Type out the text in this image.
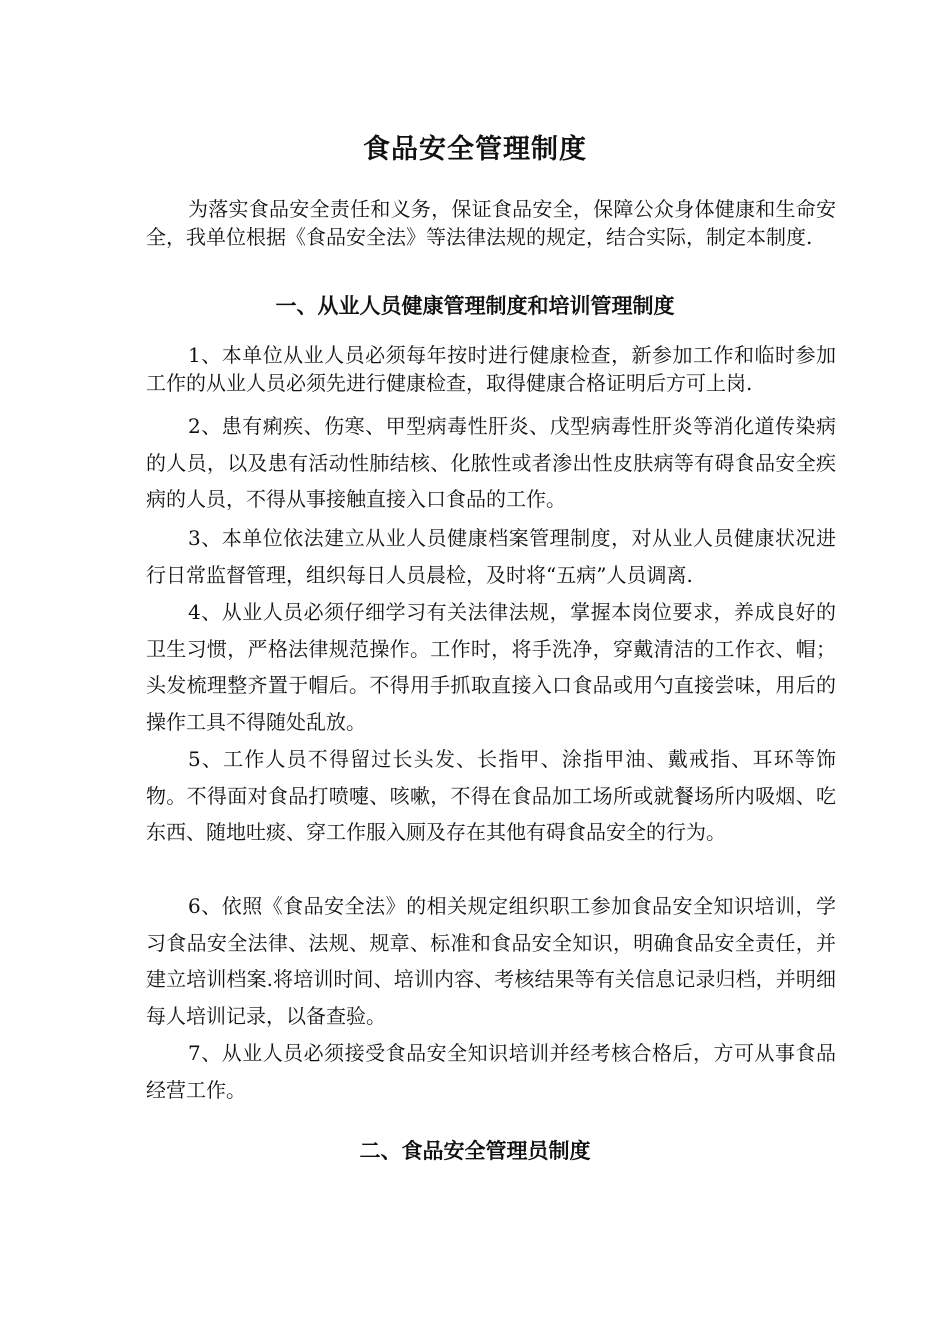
食品安全管理制度

为落实食品安全责任和义务，保证食品安全，保障公众身体健康和生命安全，我单位根据《食品安全法》等法律法规的规定，结合实际，制定本制度.

一、从业人员健康管理制度和培训管理制度

1、本单位从业人员必须每年按时进行健康检查，新参加工作和临时参加工作的从业人员必须先进行健康检查，取得健康合格证明后方可上岗.

2、患有痢疾、伤寒、甲型病毒性肝炎、戊型病毒性肝炎等消化道传染病的人员，以及患有活动性肺结核、化脓性或者渗出性皮肤病等有碍食品安全疾病的人员，不得从事接触直接入口食品的工作。

3、本单位依法建立从业人员健康档案管理制度，对从业人员健康状况进行日常监督管理，组织每日人员晨检，及时将“五病”人员调离.

4、从业人员必须仔细学习有关法律法规，掌握本岗位要求，养成良好的卫生习惯，严格法律规范操作。工作时，将手洗净，穿戴清洁的工作衣、帽；头发梳理整齐置于帽后。不得用手抓取直接入口食品或用勺直接尝味，用后的操作工具不得随处乱放。

5、工作人员不得留过长头发、长指甲、涂指甲油、戴戒指、耳环等饰物。不得面对食品打喷嚏、咳嗽，不得在食品加工场所或就餐场所内吸烟、吃东西、随地吐痰、穿工作服入厕及存在其他有碍食品安全的行为。

6、依照《食品安全法》的相关规定组织职工参加食品安全知识培训，学习食品安全法律、法规、规章、标准和食品安全知识，明确食品安全责任，并建立培训档案.将培训时间、培训内容、考核结果等有关信息记录归档，并明细每人培训记录，以备查验。

7、从业人员必须接受食品安全知识培训并经考核合格后，方可从事食品经营工作。

二、食品安全管理员制度
